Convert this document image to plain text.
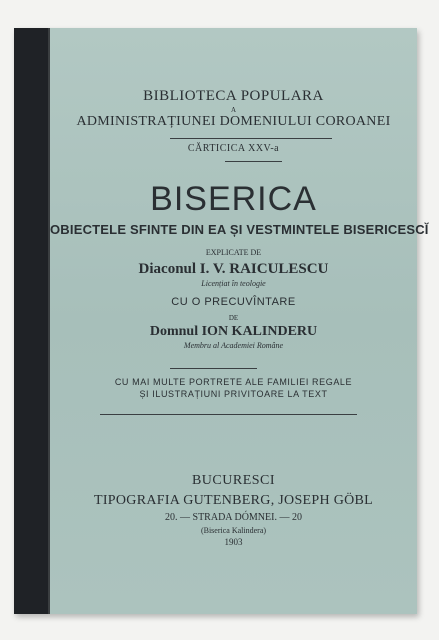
BIBLIOTECA POPULARA
A
ADMINISTRAȚIUNEI DOMENIULUI COROANEI
CĂRTICICA XXV-a
BISERICA
OBIECTELE SFINTE DIN EA ȘI VESTMINTELE BISERICESCĬ
EXPLICATE DE
Diaconul I. V. RAICULESCU
Licențiat în teologie
CU O PRECUVÎNTARE
DE
Domnul ION KALINDERU
Membru al Academiei Române
CU MAI MULTE PORTRETE ALE FAMILIEI REGALE
ȘI ILUSTRAȚIUNI PRIVITOARE LA TEXT
BUCURESCI
TIPOGRAFIA GUTENBERG, JOSEPH GÖBL
20. — STRADA DÓMNEI. — 20
(Biserica Kalindera)
1903
